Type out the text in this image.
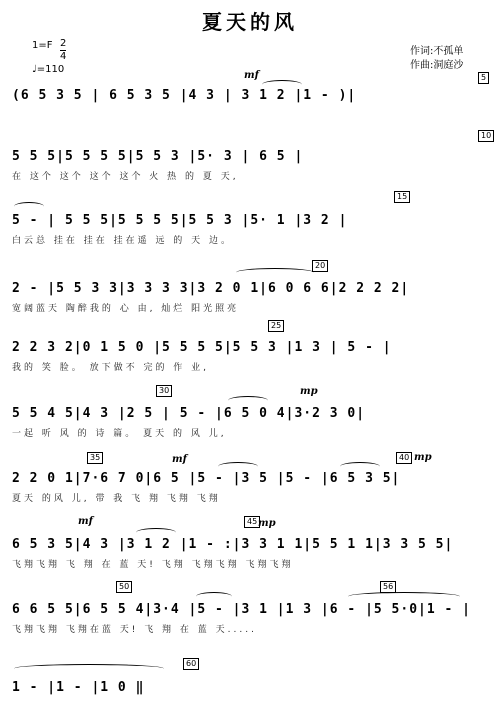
夏天的风
1=F 2
4
♩=110
作词:不孤单
作曲:洞庭沙
(6 5 3 5 | 6 5 3 5 |4 3 | 3 1 2 |1 - )|
mf	5
5 5 5|5 5 5 5|5 5 3 |5· 3 | 6 5 |
在 这个 这个 这个 这个 火 热 的 夏 天,
10
5 - | 5 5 5|5 5 5 5|5 5 3 |5· 1 |3 2 |
白云总 挂在 挂在 挂在遥 远 的 天 边。
15
2 - |5 5 3 3|3 3 3 3|3 2 0 1|6 0 6 6|2 2 2 2|
宽阔蓝天 陶醉我的 心 由, 灿烂 阳光照亮
20
2 2 3 2|0 1 5 0 |5 5 5 5|5 5 3 |1 3 | 5 - |
我的 笑 脸。 放下做不 完的 作 业,
25
5 5 4 5|4 3 |2 5 | 5 - |6 5 0 4|3·2 3 0|
一起 听 风 的 诗 篇。 夏天 的 风 儿,
30	mp
2 2 0 1|7·6 7 0|6 5 |5 - |3 5 |5 - |6 5 3 5|
夏天 的风 儿, 带 我 飞 翔 飞翔 飞翔
35	mf	40 mp
6 5 3 5|4 3 |3 1 2 |1 - :|3 3 1 1|5 5 1 1|3 3 5 5|
飞翔飞翔 飞 翔 在 蓝 天! 飞翔 飞翔飞翔 飞翔飞翔
mf	45 mp
6 6 5 5|6 5 5 4|3·4 |5 - |3 1 |1 3 |6 - |5 5·0|1 - |
飞翔飞翔 飞翔在蓝 天! 飞 翔 在 蓝 天.....
50	56
1 - |1 - |1 0 ‖
60
